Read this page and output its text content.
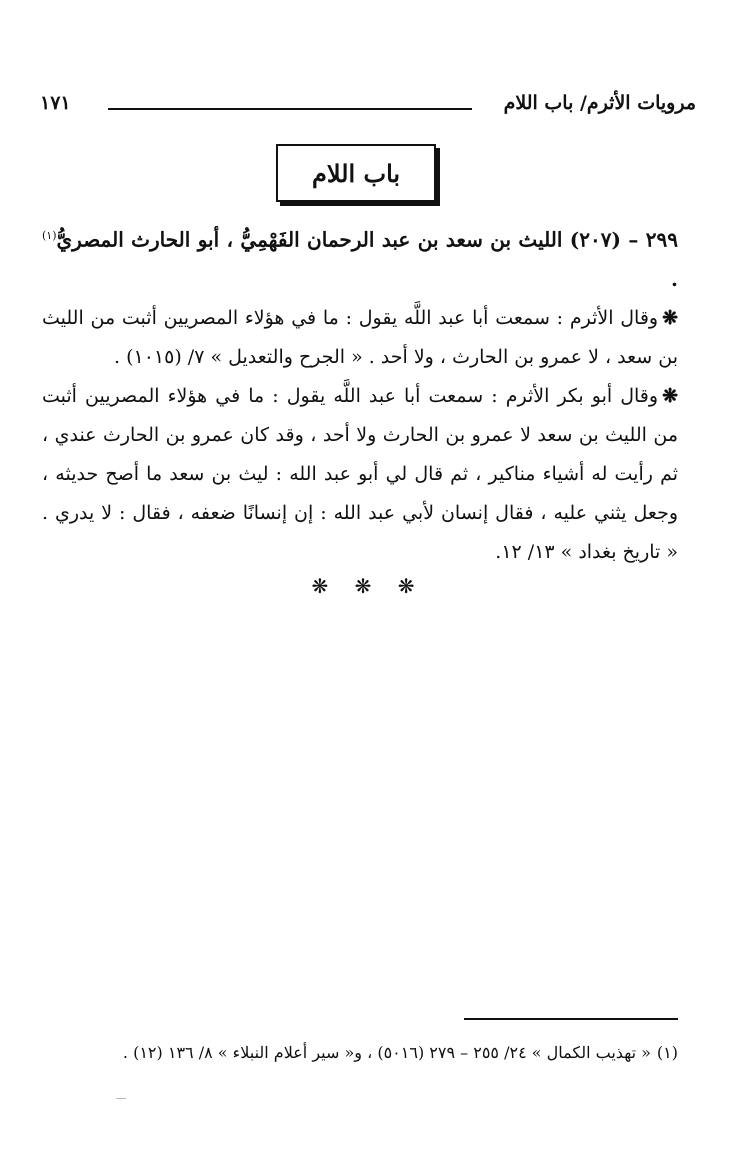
مرويات الأثرم/ باب اللام
١٧١
باب اللام

٢٩٩ – (٢٠٧) الليث بن سعد بن عبد الرحمان الفَهْمِيُّ ، أبو الحارث المصريُّ$^{(١)}$ .

❋وقال الأثرم : سمعت أبا عبد اللَّه يقول : ما في هؤلاء المصريين أثبت من الليث بن سعد ، لا عمرو بن الحارث ، ولا أحد . « الجرح والتعديل » ٧/ (١٠١٥) .

❋وقال أبو بكر الأثرم : سمعت أبا عبد اللَّه يقول : ما في هؤلاء المصريين أثبت من الليث بن سعد لا عمرو بن الحارث ولا أحد ، وقد كان عمرو بن الحارث عندي ، ثم رأيت له أشياء مناكير ، ثم قال لي أبو عبد الله : ليث بن سعد ما أصح حديثه ، وجعل يثني عليه ، فقال إنسان لأبي عبد الله : إن إنسانًا ضعفه ، فقال : لا يدري . « تاريخ بغداد » ١٣/ ١٢.

❋ ❋ ❋
(١)« تهذيب الكمال » ٢٤/ ٢٥٥ – ٢٧٩ (٥٠١٦) ، و« سير أعلام النبلاء » ٨/ ١٣٦ (١٢) .
